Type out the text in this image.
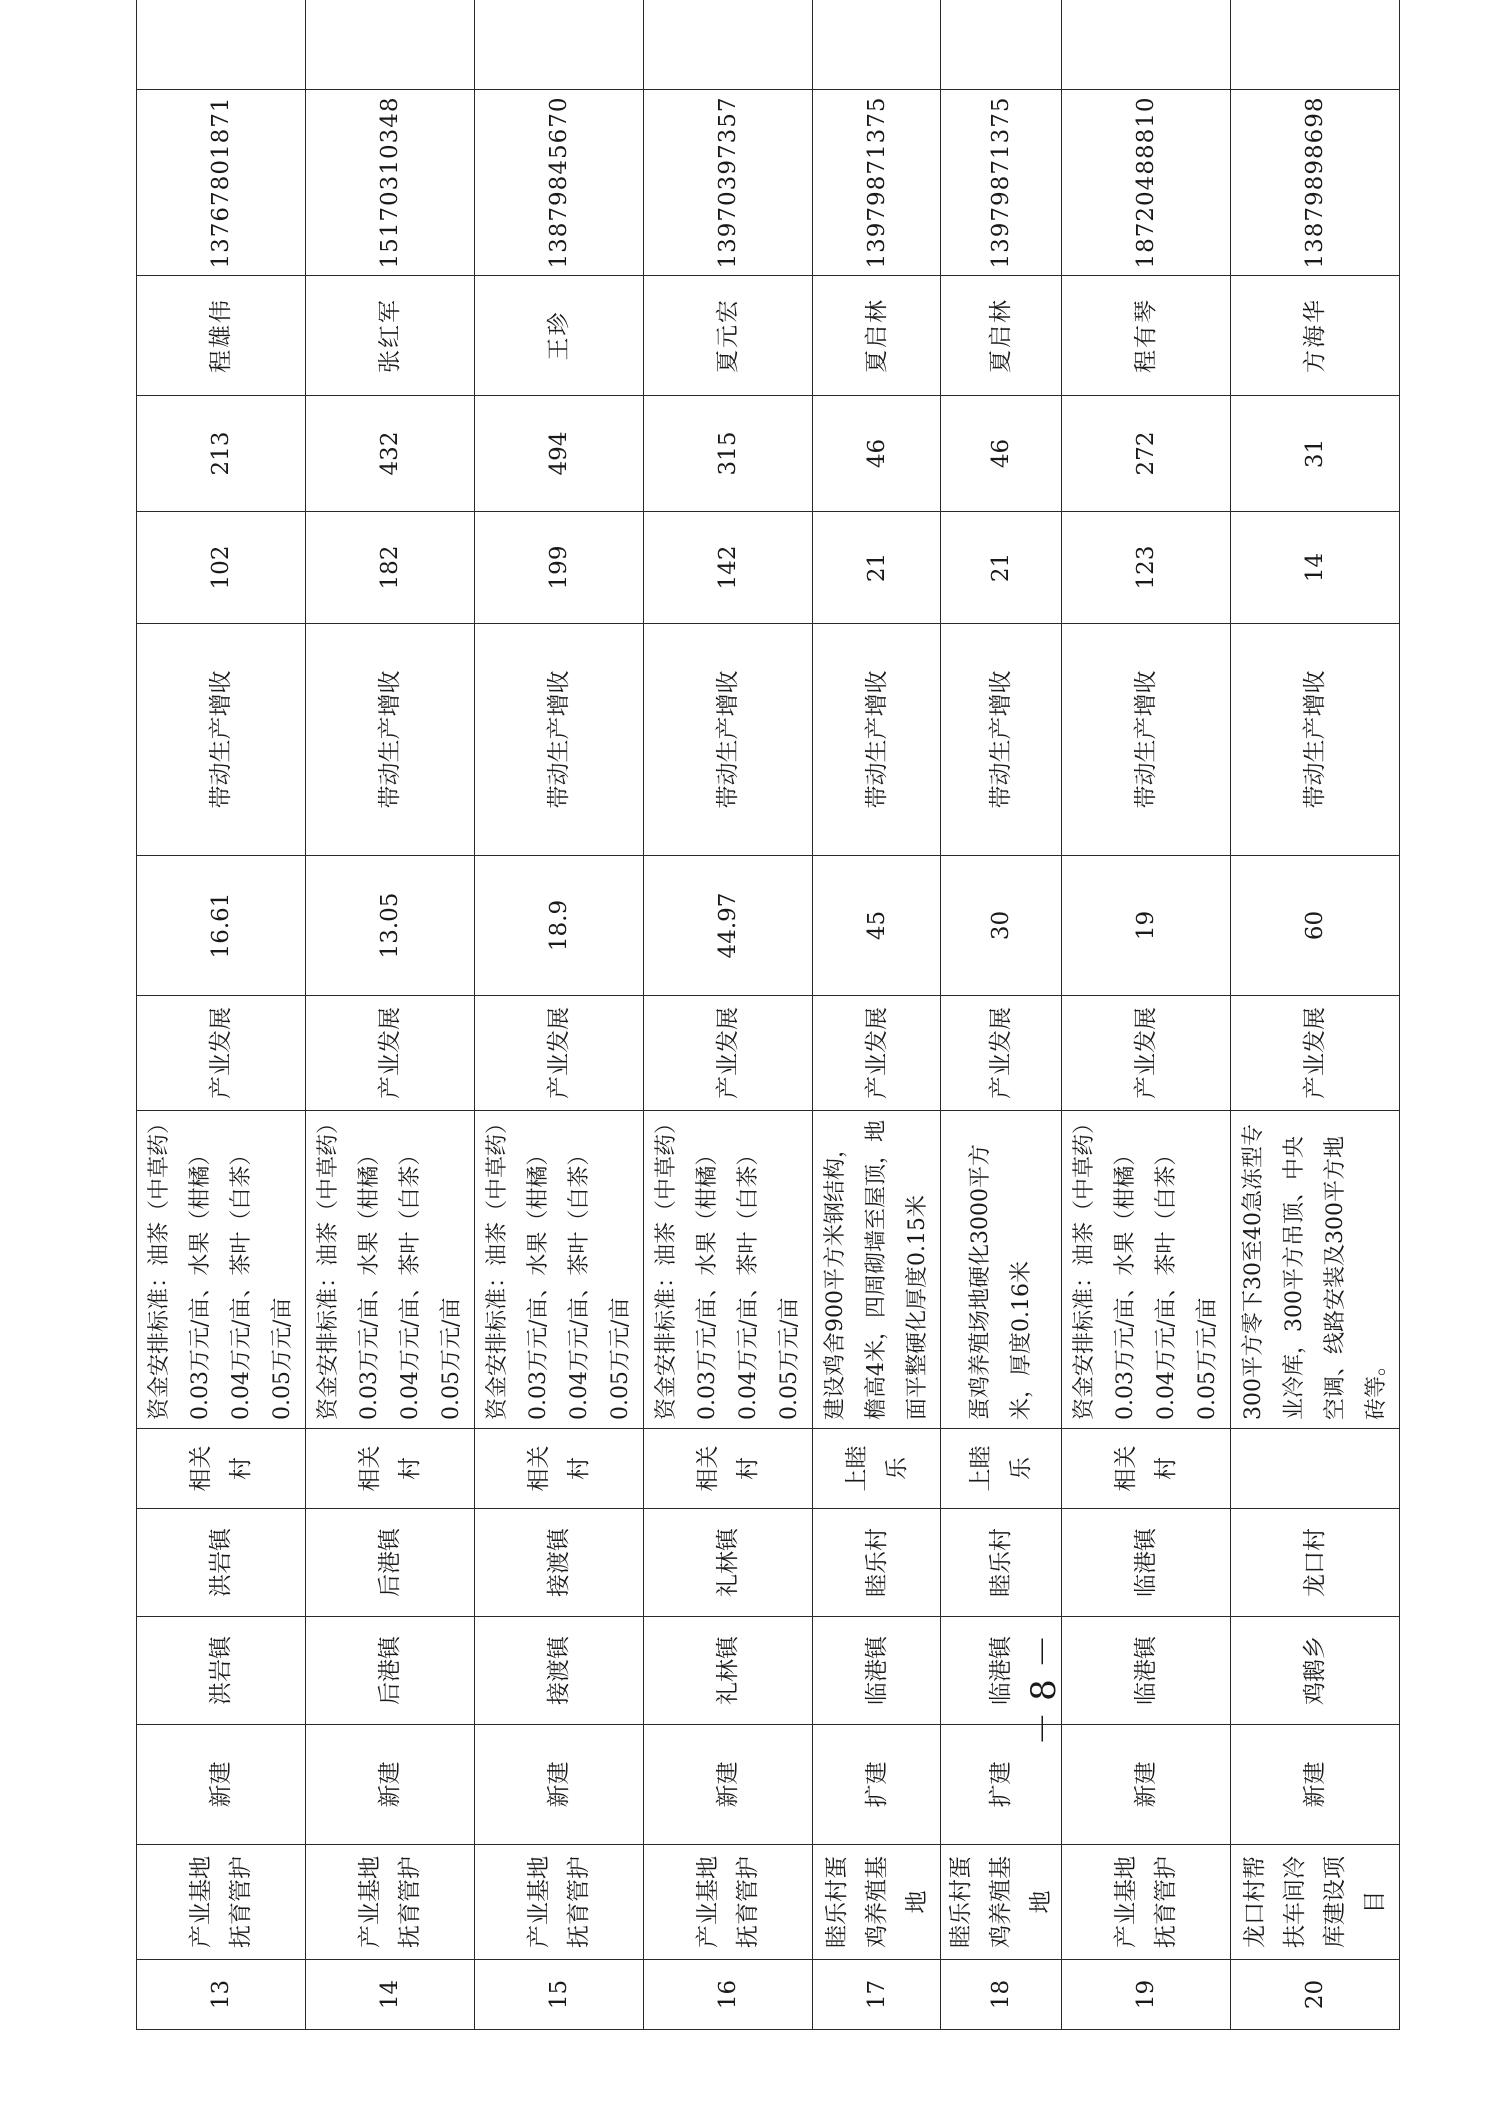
13	产业基地抚育管护	新建	洪岩镇	洪岩镇	相关村	资金安排标准：油茶（中草药）0.03万元/亩、水果（柑橘）0.04万元/亩、茶叶（白茶）0.05万元/亩	产业发展	16.61	带动生产增收	102	213	程雄伟	13767801871	
14	产业基地抚育管护	新建	后港镇	后港镇	相关村	资金安排标准：油茶（中草药）0.03万元/亩、水果（柑橘）0.04万元/亩、茶叶（白茶）0.05万元/亩	产业发展	13.05	带动生产增收	182	432	张红军	15170310348	
15	产业基地抚育管护	新建	接渡镇	接渡镇	相关村	资金安排标准：油茶（中草药）0.03万元/亩、水果（柑橘）0.04万元/亩、茶叶（白茶）0.05万元/亩	产业发展	18.9	带动生产增收	199	494	王珍	13879845670	
16	产业基地抚育管护	新建	礼林镇	礼林镇	相关村	资金安排标准：油茶（中草药）0.03万元/亩、水果（柑橘）0.04万元/亩、茶叶（白茶）0.05万元/亩	产业发展	44.97	带动生产增收	142	315	夏元宏	13970397357	
17	睦乐村蛋鸡养殖基地	扩建	临港镇	睦乐村	上睦乐	建设鸡舍900平方米钢结构，檐高4米，四周砌墙至屋顶，地面平整硬化厚度0.15米	产业发展	45	带动生产增收	21	46	夏启林	13979871375	
18	睦乐村蛋鸡养殖基地	扩建	临港镇	睦乐村	上睦乐	蛋鸡养殖场地硬化3000平方米，厚度0.16米	产业发展	30	带动生产增收	21	46	夏启林	13979871375	
19	产业基地抚育管护	新建	临港镇	临港镇	相关村	资金安排标准：油茶（中草药）0.03万元/亩、水果（柑橘）0.04万元/亩、茶叶（白茶）0.05万元/亩	产业发展	19	带动生产增收	123	272	程有琴	18720488810	
20	龙口村帮扶车间冷库建设项目	新建	鸡鹅乡	龙口村		300平方零下30至40急冻型专业冷库，300平方吊顶、中央空调、线路安装及300平方地砖等。	产业发展	60	带动生产增收	14	31	方海华	13879898698	
－ 8 －
